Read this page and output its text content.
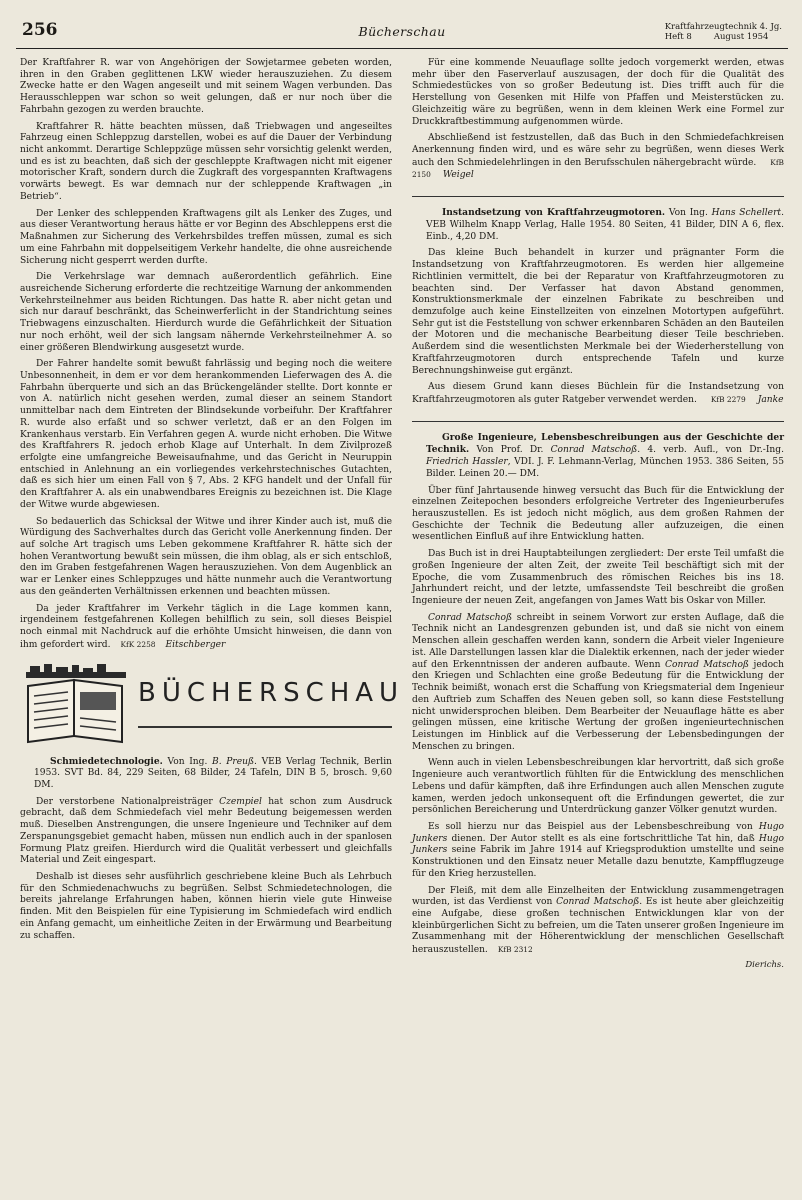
256	Bücherschau	Kraftfahrzeugtechnik 4. Jg.
Heft 8	August 1954

Der Kraftfahrer R. war von Angehörigen der Sowjetarmee gebeten worden, ihren in den Graben geglittenen LKW wieder herauszuziehen. Zu diesem Zwecke hatte er den Wagen angeseilt und mit seinem Wagen verbunden. Das Herausschleppen war schon so weit gelungen, daß er nur noch über die Fahrbahn gezogen zu werden brauchte.

Kraftfahrer R. hätte beachten müssen, daß Triebwagen und angeseiltes Fahrzeug einen Schleppzug darstellen, wobei es auf die Dauer der Verbindung nicht ankommt. Derartige Schleppzüge müssen sehr vorsichtig gelenkt werden, und es ist zu beachten, daß sich der geschleppte Kraftwagen nicht mit eigener motorischer Kraft, sondern durch die Zugkraft des vorgespannten Kraftwagens vorwärts bewegt. Es war demnach nur der schleppende Kraftwagen „in Betrieb“.

Der Lenker des schleppenden Kraftwagens gilt als Lenker des Zuges, und aus dieser Verantwortung heraus hätte er vor Beginn des Abschleppens erst die Maßnahmen zur Sicherung des Verkehrsbildes treffen müssen, zumal es sich um eine Fahrbahn mit doppelseitigem Verkehr handelte, die ohne ausreichende Sicherung nicht gesperrt werden durfte.

Die Verkehrslage war demnach außerordentlich gefährlich. Eine ausreichende Sicherung erforderte die rechtzeitige Warnung der ankommenden Verkehrsteilnehmer aus beiden Richtungen. Das hatte R. aber nicht getan und sich nur darauf beschränkt, das Scheinwerferlicht in der Standrichtung seines Triebwagens einzuschalten. Hierdurch wurde die Gefährlichkeit der Situation nur noch erhöht, weil der sich langsam nähernde Verkehrsteilnehmer A. so einer größeren Blendwirkung ausgesetzt wurde.

Der Fahrer handelte somit bewußt fahrlässig und beging noch die weitere Unbesonnenheit, in dem er vor dem herankommenden Lieferwagen des A. die Fahrbahn überquerte und sich an das Brückengeländer stellte. Dort konnte er von A. natürlich nicht gesehen werden, zumal dieser an seinem Standort unmittelbar nach dem Eintreten der Blindsekunde vorbeifuhr. Der Kraftfahrer R. wurde also erfaßt und so schwer verletzt, daß er an den Folgen im Krankenhaus verstarb. Ein Verfahren gegen A. wurde nicht erhoben. Die Witwe des Kraftfahrers R. jedoch erhob Klage auf Unterhalt. In dem Zivilprozeß erfolgte eine umfangreiche Beweisaufnahme, und das Gericht in Neuruppin entschied in Anlehnung an ein vorliegendes verkehrstechnisches Gutachten, daß es sich hier um einen Fall von § 7, Abs. 2 KFG handelt und der Unfall für den Kraftfahrer A. als ein unabwendbares Ereignis zu bezeichnen ist. Die Klage der Witwe wurde abgewiesen.

So bedauerlich das Schicksal der Witwe und ihrer Kinder auch ist, muß die Würdigung des Sachverhaltes durch das Gericht volle Anerkennung finden. Der auf solche Art tragisch ums Leben gekommene Kraftfahrer R. hätte sich der hohen Verantwortung bewußt sein müssen, die ihm oblag, als er sich entschloß, den im Graben festgefahrenen Wagen herauszuziehen. Von dem Augenblick an war er Lenker eines Schleppzuges und hätte nunmehr auch die Verantwortung aus den geänderten Verhältnissen erkennen und beachten müssen.

Da jeder Kraftfahrer im Verkehr täglich in die Lage kommen kann, irgendeinem festgefahrenen Kollegen behilflich zu sein, soll dieses Beispiel noch einmal mit Nachdruck auf die erhöhte Umsicht hinweisen, die dann von ihm gefordert wird. KfK 2258 Eitschberger

BÜCHERSCHAU

Schmiedetechnologie. Von Ing. B. Preuß. VEB Verlag Technik, Berlin 1953. SVT Bd. 84, 229 Seiten, 68 Bilder, 24 Tafeln, DIN B 5, brosch. 9,60 DM.

Der verstorbene Nationalpreisträger Czempiel hat schon zum Ausdruck gebracht, daß dem Schmiedefach viel mehr Bedeutung beigemessen werden muß. Dieselben Anstrengungen, die unsere Ingenieure und Techniker auf dem Zerspanungsgebiet gemacht haben, müssen nun endlich auch in der spanlosen Formung Platz greifen. Hierdurch wird die Qualität verbessert und gleichfalls Material und Zeit eingespart.

Deshalb ist dieses sehr ausführlich geschriebene kleine Buch als Lehrbuch für den Schmiedenachwuchs zu begrüßen. Selbst Schmiedetechnologen, die bereits jahrelange Erfahrungen haben, können hierin viele gute Hinweise finden. Mit den Beispielen für eine Typisierung im Schmiedefach wird endlich ein Anfang gemacht, um einheitliche Zeiten in der Erwärmung und Bearbeitung zu schaffen.

Für eine kommende Neuauflage sollte jedoch vorgemerkt werden, etwas mehr über den Faserverlauf auszusagen, der doch für die Qualität des Schmiedestückes von so großer Bedeutung ist. Dies trifft auch für die Herstellung von Gesenken mit Hilfe von Pfaffen und Meisterstücken zu. Gleichzeitig wäre zu begrüßen, wenn in dem kleinen Werk eine Formel zur Druckkraftbestimmung aufgenommen würde.

Abschließend ist festzustellen, daß das Buch in den Schmiedefachkreisen Anerkennung finden wird, und es wäre sehr zu begrüßen, wenn dieses Werk auch den Schmiedelehrlingen in den Berufsschulen nähergebracht würde. KfB 2150 Weigel

Instandsetzung von Kraftfahrzeugmotoren. Von Ing. Hans Schellert. VEB Wilhelm Knapp Verlag, Halle 1954. 80 Seiten, 41 Bilder, DIN A 6, flex. Einb., 4,20 DM.

Das kleine Buch behandelt in kurzer und prägnanter Form die Instandsetzung von Kraftfahrzeugmotoren. Es werden hier allgemeine Richtlinien vermittelt, die bei der Reparatur von Kraftfahrzeugmotoren zu beachten sind. Der Verfasser hat davon Abstand genommen, Konstruktionsmerkmale der einzelnen Fabrikate zu beschreiben und demzufolge auch keine Einstellzeiten von einzelnen Motortypen aufgeführt. Sehr gut ist die Feststellung von schwer erkennbaren Schäden an den Bauteilen der Motoren und die mechanische Bearbeitung dieser Teile beschrieben. Außerdem sind die wesentlichsten Merkmale bei der Wiederherstellung von Kraftfahrzeugmotoren durch entsprechende Tafeln und kurze Berechnungshinweise gut ergänzt.

Aus diesem Grund kann dieses Büchlein für die Instandsetzung von Kraftfahrzeugmotoren als guter Ratgeber verwendet werden. KfB 2279 Janke

Große Ingenieure, Lebensbeschreibungen aus der Geschichte der Technik. Von Prof. Dr. Conrad Matschoß. 4. verb. Aufl., von Dr.-Ing. Friedrich Hassler, VDI. J. F. Lehmann-Verlag, München 1953. 386 Seiten, 55 Bilder. Leinen 20.— DM.

Über fünf Jahrtausende hinweg versucht das Buch für die Entwicklung der einzelnen Zeitepochen besonders erfolgreiche Vertreter des Ingenieurberufes herauszustellen. Es ist jedoch nicht möglich, aus dem großen Rahmen der Geschichte der Technik die Bedeutung aller aufzuzeigen, die einen wesentlichen Einfluß auf ihre Entwicklung hatten.

Das Buch ist in drei Hauptabteilungen zergliedert: Der erste Teil umfaßt die großen Ingenieure der alten Zeit, der zweite Teil beschäftigt sich mit der Epoche, die vom Zusammenbruch des römischen Reiches bis ins 18. Jahrhundert reicht, und der letzte, umfassendste Teil beschreibt die großen Ingenieure der neuen Zeit, angefangen von James Watt bis Oskar von Miller.

Conrad Matschoß schreibt in seinem Vorwort zur ersten Auflage, daß die Technik nicht an Landesgrenzen gebunden ist, und daß sie nicht von einem Menschen allein geschaffen werden kann, sondern die Arbeit vieler Ingenieure ist. Alle Darstellungen lassen klar die Dialektik erkennen, nach der jeder wieder auf den Erkenntnissen der anderen aufbaute. Wenn Conrad Matschoß jedoch den Kriegen und Schlachten eine große Bedeutung für die Entwicklung der Technik beimißt, wonach erst die Schaffung von Kriegsmaterial dem Ingenieur den Auftrieb zum Schaffen des Neuen geben soll, so kann diese Feststellung nicht unwidersprochen bleiben. Dem Bearbeiter der Neuauflage hätte es aber gelingen müssen, eine kritische Wertung der großen ingenieurtechnischen Leistungen im Hinblick auf die Verbesserung der Lebensbedingungen der Menschen zu bringen.

Wenn auch in vielen Lebensbeschreibungen klar hervortritt, daß sich große Ingenieure auch verantwortlich fühlten für die Entwicklung des menschlichen Lebens und dafür kämpften, daß ihre Erfindungen auch allen Menschen zugute kamen, werden jedoch unkonsequent oft die Erfindungen gewertet, die zur persönlichen Bereicherung und Unterdrückung ganzer Völker genutzt wurden.

Es soll hierzu nur das Beispiel aus der Lebensbeschreibung von Hugo Junkers dienen. Der Autor stellt es als eine fortschrittliche Tat hin, daß Hugo Junkers seine Fabrik im Jahre 1914 auf Kriegsproduktion umstellte und seine Konstruktionen und den Einsatz neuer Metalle dazu benutzte, Kampfflugzeuge für den Krieg herzustellen.

Der Fleiß, mit dem alle Einzelheiten der Entwicklung zusammengetragen wurden, ist das Verdienst von Conrad Matschoß. Es ist heute aber gleichzeitig eine Aufgabe, diese großen technischen Entwicklungen klar von der kleinbürgerlichen Sicht zu befreien, um die Taten unserer großen Ingenieure im Zusammenhang mit der Höherentwicklung der menschlichen Gesellschaft herauszustellen. KfB 2312

Dierichs.
